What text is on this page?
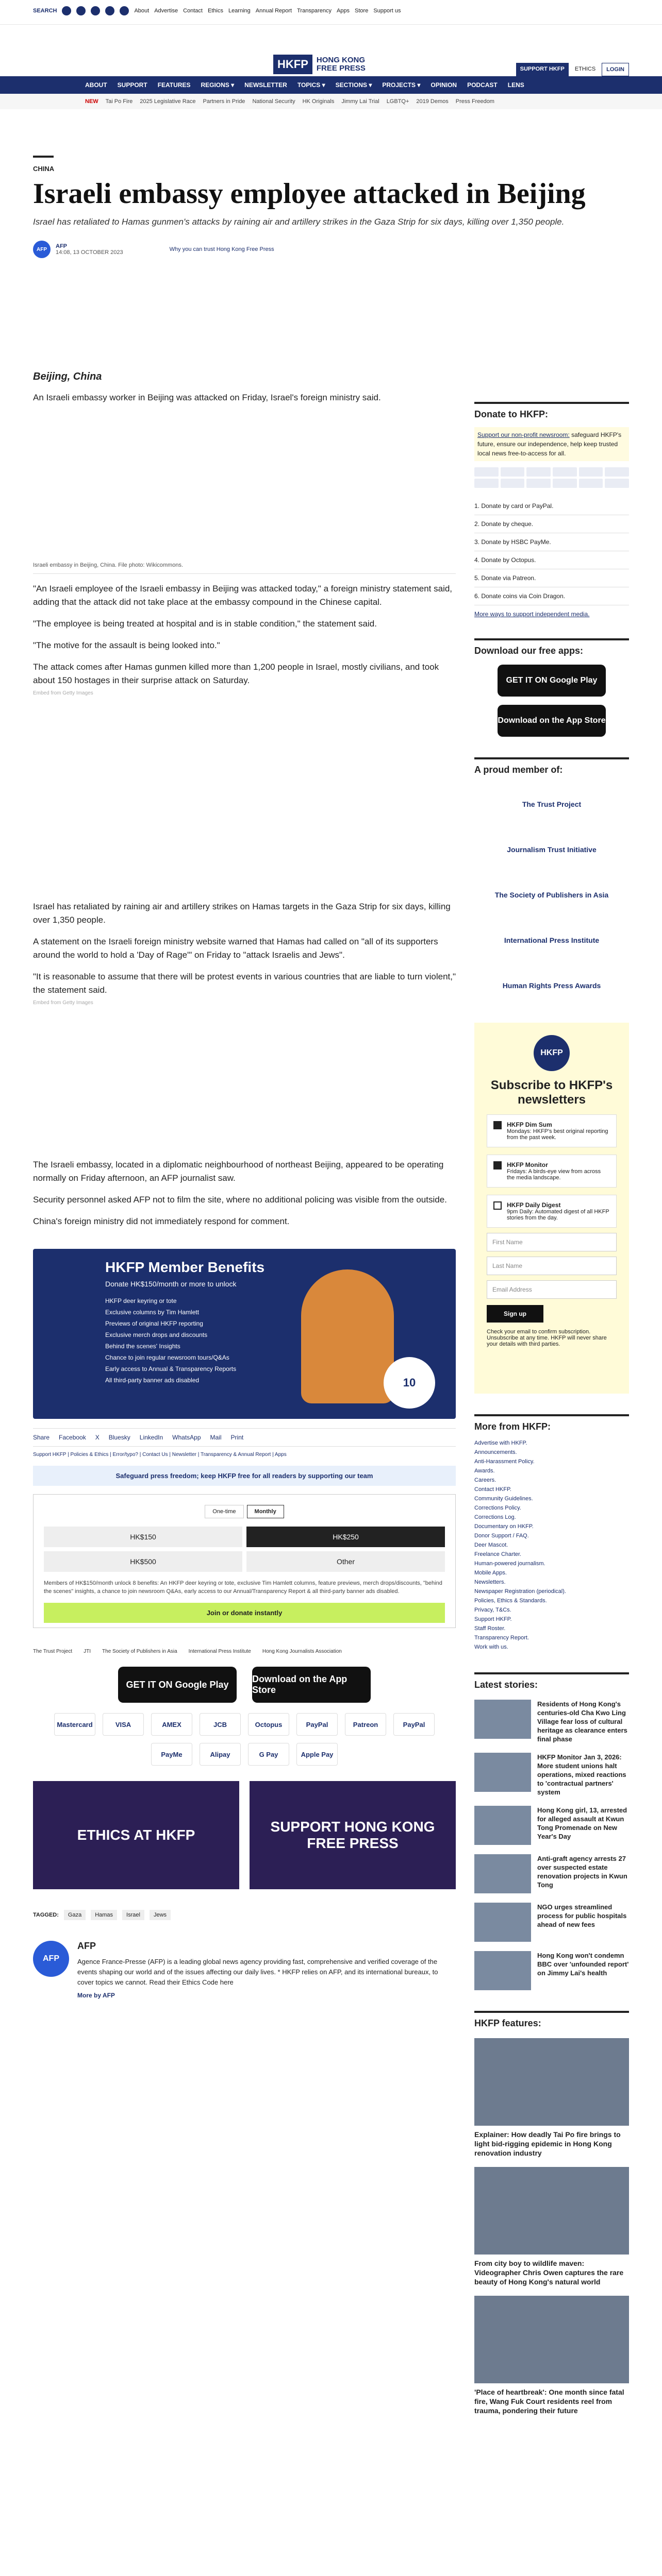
SEARCH	About Advertise Contact Ethics Learning Annual Report Transparency Apps Store Support us
HKFP	HONG KONG
FREE PRESS	SUPPORT HKFP	ETHICS	LOGIN
ABOUT SUPPORT FEATURES REGIONS ▾ NEWSLETTER TOPICS ▾ SECTIONS ▾ PROJECTS ▾ OPINION PODCAST LENS
NEW Tai Po Fire 2025 Legislative Race Partners in Pride National Security HK Originals Jimmy Lai Trial LGBTQ+ 2019 Demos Press Freedom
CHINA
Israeli embassy employee attacked in Beijing
Israel has retaliated to Hamas gunmen's attacks by raining air and artillery strikes in the Gaza Strip for six days, killing over 1,350 people.
AFP	AFP
14:08, 13 OCTOBER 2023	Why you can trust Hong Kong Free Press
Beijing, China

An Israeli embassy worker in Beijing was attacked on Friday, Israel's foreign ministry said.

Israeli embassy in Beijing, China. File photo: Wikicommons.

"An Israeli employee of the Israeli embassy in Beijing was attacked today," a foreign ministry statement said, adding that the attack did not take place at the embassy compound in the Chinese capital.

"The employee is being treated at hospital and is in stable condition," the statement said.

"The motive for the assault is being looked into."

The attack comes after Hamas gunmen killed more than 1,200 people in Israel, mostly civilians, and took about 150 hostages in their surprise attack on Saturday.

Embed from Getty Images

Israel has retaliated by raining air and artillery strikes on Hamas targets in the Gaza Strip for six days, killing over 1,350 people.

A statement on the Israeli foreign ministry website warned that Hamas had called on "all of its supporters around the world to hold a 'Day of Rage'" on Friday to "attack Israelis and Jews".

"It is reasonable to assume that there will be protest events in various countries that are liable to turn violent," the statement said.

Embed from Getty Images

The Israeli embassy, located in a diplomatic neighbourhood of northeast Beijing, appeared to be operating normally on Friday afternoon, an AFP journalist saw.

Security personnel asked AFP not to film the site, where no additional policing was visible from the outside.

China's foreign ministry did not immediately respond for comment.

HKFP Member Benefits
Donate HK$150/month or more to unlock
HKFP deer keyring or tote
Exclusive columns by Tim Hamlett
Previews of original HKFP reporting
Exclusive merch drops and discounts
Behind the scenes' Insights
Chance to join regular newsroom tours/Q&As
Early access to Annual & Transparency Reports
All third-party banner ads disabled	10
Share Facebook X Bluesky LinkedIn WhatsApp Mail Print
Support HKFP | Policies & Ethics | Error/typo? | Contact Us | Newsletter | Transparency & Annual Report | Apps
Safeguard press freedom; keep HKFP free for all readers by supporting our team
One-time	Monthly
HK$150	HK$250
HK$500	Other
Members of HK$150/month unlock 8 benefits: An HKFP deer keyring or tote, exclusive Tim Hamlett columns, feature previews, merch drops/discounts, "behind the scenes" insights, a chance to join newsroom Q&As, early access to our Annual/Transparency Report & all third-party banner ads disabled.
Join or donate instantly
The Trust Project JTI The Society of Publishers in Asia International Press Institute Hong Kong Journalists Association
GET IT ON Google Play
Download on the App Store
Mastercard	VISA	AMEX	JCB	Octopus	PayPal	Patreon	PayPal
PayMe	Alipay	G Pay	Apple Pay
ETHICS AT HKFP
SUPPORT HONG KONG FREE PRESS
TAGGED:	Gaza	Hamas	Israel	Jews
AFP
AFP

Agence France-Presse (AFP) is a leading global news agency providing fast, comprehensive and verified coverage of the events shaping our world and of the issues affecting our daily lives. * HKFP relies on AFP, and its international bureaux, to cover topics we cannot. Read their Ethics Code here

More by AFP
Donate to HKFP:
Support our non-profit newsroom: safeguard HKFP's future, ensure our independence, help keep trusted local news free-to-access for all.
1. Donate by card or PayPal.
2. Donate by cheque.
3. Donate by HSBC PayMe.
4. Donate by Octopus.
5. Donate via Patreon.
6. Donate coins via Coin Dragon.
More ways to support independent media.
Download our free apps:
GET IT ON Google Play
Download on the App Store
A proud member of:
The Trust Project
Journalism Trust Initiative
The Society of Publishers in Asia
International Press Institute
Human Rights Press Awards
HKFP
Subscribe to HKFP's newsletters
HKFP Dim Sum
Mondays: HKFP's best original reporting from the past week.
HKFP Monitor
Fridays: A birds-eye view from across the media landscape.
HKFP Daily Digest
9pm Daily: Automated digest of all HKFP stories from the day.
First Name
Last Name
Email Address
Sign up
Check your email to confirm subscription. Unsubscribe at any time. HKFP will never share your details with third parties.
More from HKFP:
Advertise with HKFP.
Announcements.
Anti-Harassment Policy.
Awards.
Careers.
Contact HKFP.
Community Guidelines.
Corrections Policy.
Corrections Log.
Documentary on HKFP.
Donor Support / FAQ.
Deer Mascot.
Freelance Charter.
Human-powered journalism.
Mobile Apps.
Newsletters.
Newspaper Registration (periodical).
Policies, Ethics & Standards.
Privacy, T&Cs.
Support HKFP.
Staff Roster.
Transparency Report.
Work with us.
Latest stories:
Residents of Hong Kong's centuries-old Cha Kwo Ling Village fear loss of cultural heritage as clearance enters final phase
HKFP Monitor Jan 3, 2026: More student unions halt operations, mixed reactions to 'contractual partners' system
Hong Kong girl, 13, arrested for alleged assault at Kwun Tong Promenade on New Year's Day
Anti-graft agency arrests 27 over suspected estate renovation projects in Kwun Tong
NGO urges streamlined process for public hospitals ahead of new fees
Hong Kong won't condemn BBC over 'unfounded report' on Jimmy Lai's health
HKFP features:
Explainer: How deadly Tai Po fire brings to light bid-rigging epidemic in Hong Kong renovation industry
From city boy to wildlife maven: Videographer Chris Owen captures the rare beauty of Hong Kong's natural world
'Place of heartbreak': One month since fatal fire, Wang Fuk Court residents reel from trauma, pondering their future
